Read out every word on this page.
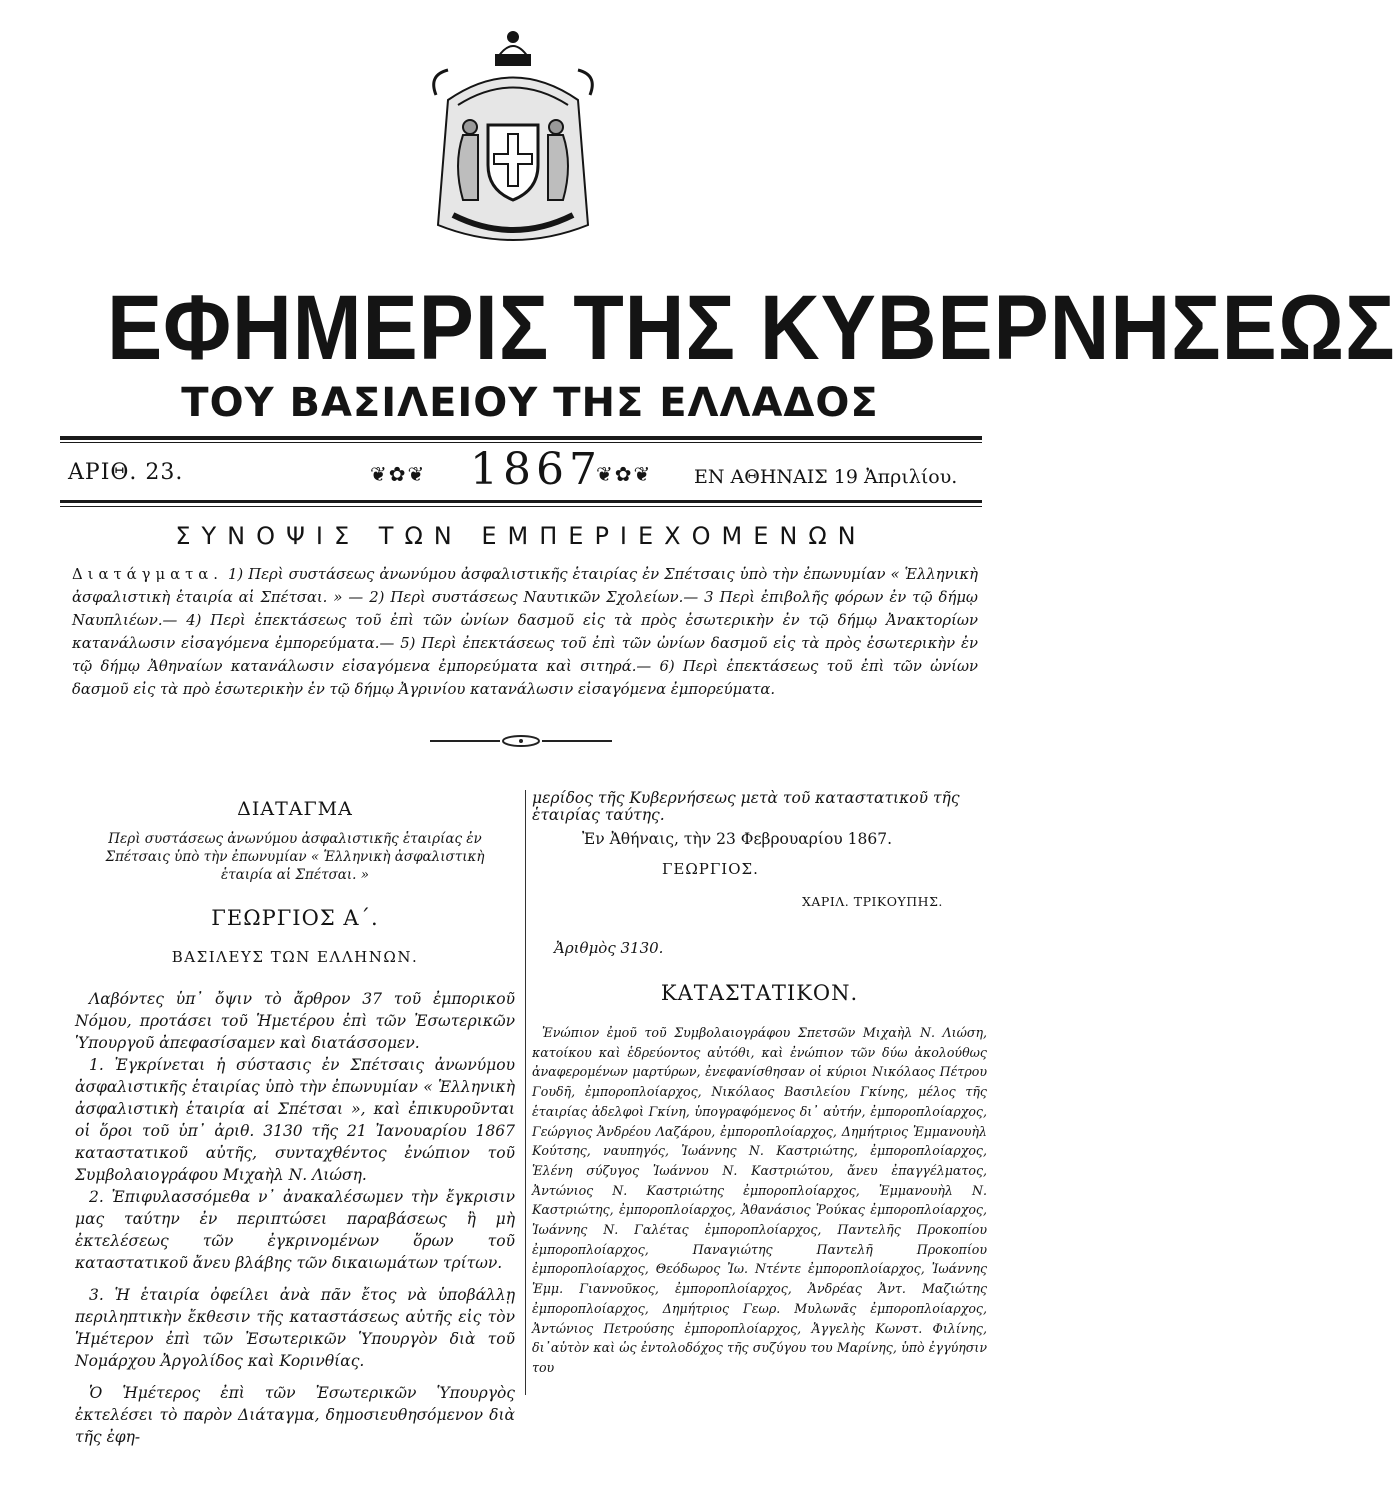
ΕΦΗΜΕΡΙΣ ΤΗΣ ΚΥΒΕΡΝΗΣΕΩΣ
ΤΟΥ ΒΑΣΙΛΕΙΟΥ ΤΗΣ ΕΛΛΑΔΟΣ
ΑΡΙΘ. 23.	❦✿❦ 1867
❦✿❦ ΕΝ ΑΘΗΝΑΙΣ 19 Ἀπριλίου.
ΣΥΝΟΨΙΣ ΤΩΝ ΕΜΠΕΡΙΕΧΟΜΕΝΩΝ
Διατάγματα. 1) Περὶ συστάσεως ἀνωνύμου ἀσφαλιστικῆς ἑταιρίας ἐν Σπέτσαις ὑπὸ τὴν ἐπωνυμίαν « Ἑλληνικὴ ἀσφαλιστικὴ ἑταιρία αἱ Σπέτσαι. » — 2) Περὶ συστάσεως Ναυτικῶν Σχολείων.— 3 Περὶ ἐπιβολῆς φόρων ἐν τῷ δήμῳ Ναυπλιέων.— 4) Περὶ ἐπεκτάσεως τοῦ ἐπὶ τῶν ὠνίων δασμοῦ εἰς τὰ πρὸς ἐσωτερικὴν ἐν τῷ δήμῳ Ἀνακτορίων κατανάλωσιν εἰσαγόμενα ἐμπορεύματα.— 5) Περὶ ἐπεκτάσεως τοῦ ἐπὶ τῶν ὠνίων δασμοῦ εἰς τὰ πρὸς ἐσωτερικὴν ἐν τῷ δήμῳ Ἀθηναίων κατανάλωσιν εἰσαγόμενα ἐμπορεύματα καὶ σιτηρά.— 6) Περὶ ἐπεκτάσεως τοῦ ἐπὶ τῶν ὠνίων δασμοῦ εἰς τὰ πρὸ ἐσωτερικὴν ἐν τῷ δήμῳ Ἀγρινίου κατανάλωσιν εἰσαγόμενα ἐμπορεύματα.
ΔΙΑΤΑΓΜΑ
Περὶ συστάσεως ἀνωνύμου ἀσφαλιστικῆς ἑταιρίας ἐν Σπέτσαις ὑπὸ τὴν ἐπωνυμίαν « Ἑλληνικὴ ἀσφαλιστικὴ ἑταιρία αἱ Σπέτσαι. »
ΓΕΩΡΓΙΟΣ Α΄.
ΒΑΣΙΛΕΥΣ ΤΩΝ ΕΛΛΗΝΩΝ.

Λαβόντες ὑπ᾽ ὄψιν τὸ ἄρθρον 37 τοῦ ἐμπορικοῦ Νόμου, προτάσει τοῦ Ἡμετέρου ἐπὶ τῶν Ἐσωτερικῶν Ὑπουργοῦ ἀπεφασίσαμεν καὶ διατάσσομεν.

1. Ἐγκρίνεται ἡ σύστασις ἐν Σπέτσαις ἀνωνύμου ἀσφαλιστικῆς ἑταιρίας ὑπὸ τὴν ἐπωνυμίαν « Ἑλληνικὴ ἀσφαλιστικὴ ἑταιρία αἱ Σπέτσαι », καὶ ἐπικυροῦνται οἱ ὅροι τοῦ ὑπ᾽ ἀριθ. 3130 τῆς 21 Ἰανουαρίου 1867 καταστατικοῦ αὐτῆς, συνταχθέντος ἐνώπιον τοῦ Συμβολαιογράφου Μιχαὴλ Ν. Λιώση.

2. Ἐπιφυλασσόμεθα ν᾽ ἀνακαλέσωμεν τὴν ἔγκρισιν μας ταύτην ἐν περιπτώσει παραβάσεως ἢ μὴ ἐκτελέσεως τῶν ἐγκρινομένων ὅρων τοῦ καταστατικοῦ ἄνευ βλάβης τῶν δικαιωμάτων τρίτων.

3. Ἡ ἑταιρία ὀφείλει ἀνὰ πᾶν ἔτος νὰ ὑποβάλλῃ περιληπτικὴν ἔκθεσιν τῆς καταστάσεως αὐτῆς εἰς τὸν Ἡμέτερον ἐπὶ τῶν Ἐσωτερικῶν Ὑπουργὸν διὰ τοῦ Νομάρχου Ἀργολίδος καὶ Κορινθίας.

Ὁ Ἡμέτερος ἐπὶ τῶν Ἐσωτερικῶν Ὑπουργὸς ἐκτελέσει τὸ παρὸν Διάταγμα, δημοσιευθησόμενον διὰ τῆς ἐφη-

μερίδος τῆς Κυβερνήσεως μετὰ τοῦ καταστατικοῦ τῆς ἑταιρίας ταύτης.
Ἐν Ἀθήναις, τὴν 23 Φεβρουαρίου 1867.
ΓΕΩΡΓΙΟΣ.
ΧΑΡΙΛ. ΤΡΙΚΟΥΠΗΣ.
Ἀριθμὸς 3130.
ΚΑΤΑΣΤΑΤΙΚΟΝ.
Ἐνώπιον ἐμοῦ τοῦ Συμβολαιογράφου Σπετσῶν Μιχαὴλ Ν. Λιώση, κατοίκου καὶ ἑδρεύοντος αὐτόθι, καὶ ἐνώπιον τῶν δύω ἀκολούθως ἀναφερομένων μαρτύρων, ἐνεφανίσθησαν οἱ κύριοι Νικόλαος Πέτρου Γουδῆ, ἐμποροπλοίαρχος, Νικόλαος Βασιλείου Γκίνης, μέλος τῆς ἑταιρίας ἀδελφοὶ Γκίνη, ὑπογραφόμενος δι᾽ αὐτήν, ἐμποροπλοίαρχος, Γεώργιος Ἀνδρέου Λαζάρου, ἐμποροπλοίαρχος, Δημήτριος Ἐμμανουὴλ Κούτσης, ναυπηγός, Ἰωάννης Ν. Καστριώτης, ἐμποροπλοίαρχος, Ἑλένη σύζυγος Ἰωάννου Ν. Καστριώτου, ἄνευ ἐπαγγέλματος, Ἀντώνιος Ν. Καστριώτης ἐμποροπλοίαρχος, Ἐμμανουὴλ Ν. Καστριώτης, ἐμποροπλοίαρχος, Ἀθανάσιος Ῥούκας ἐμποροπλοίαρχος, Ἰωάννης Ν. Γαλέτας ἐμποροπλοίαρχος, Παντελῆς Προκοπίου ἐμποροπλοίαρχος, Παναγιώτης Παντελῆ Προκοπίου ἐμποροπλοίαρχος, Θεόδωρος Ἰω. Ντέντε ἐμποροπλοίαρχος, Ἰωάννης Ἐμμ. Γιαννοῦκος, ἐμποροπλοίαρχος, Ἀνδρέας Ἀντ. Μαζιώτης ἐμποροπλοίαρχος, Δημήτριος Γεωρ. Μυλωνᾶς ἐμποροπλοίαρχος, Ἀντώνιος Πετρούσης ἐμποροπλοίαρχος, Ἀγγελὴς Κωνστ. Φιλίνης, δι᾽αὑτὸν καὶ ὡς ἐντολοδόχος τῆς συζύγου του Μαρίνης, ὑπὸ ἐγγύησιν του
